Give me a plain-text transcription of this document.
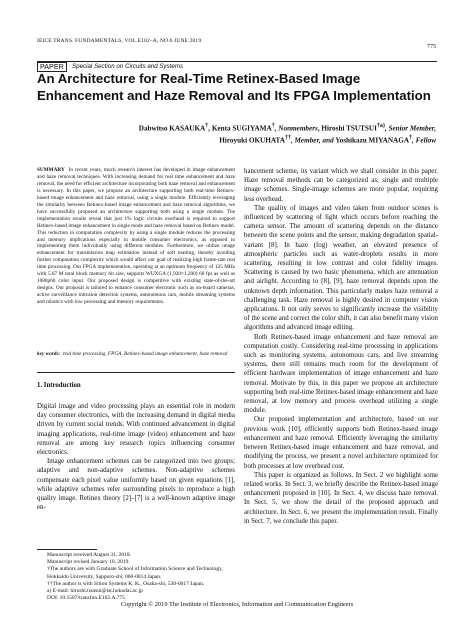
IEICE TRANS. FUNDAMENTALS, VOL.E102–A, NO.6 JUNE 2019
775
PAPER	Special Section on Circuits and Systems
An Architecture for Real-Time Retinex-Based Image Enhancement and Haze Removal and Its FPGA Implementation
Dabwitso KASAUKA†, Kenta SUGIYAMA†, Nonmembers, Hiroshi TSUTSUI$^{\dagger a)}$, Senior Member,
Hiroyuki OKUHATA††, Member, and Yoshikazu MIYANAGA†, Fellow
SUMMARY In recent years, much research interest has developed in image enhancement and haze removal techniques. With increasing demand for real time enhancement and haze removal, the need for efficient architecture incorporating both haze removal and enhancement is necessary. In this paper, we propose an architecture supporting both real-time Retinex-based image enhancement and haze removal, using a single module. Efficiently leveraging the similarity between Retinex-based image enhancement and haze removal algorithms, we have successfully proposed an architecture supporting both using a single module. The implementation results reveal that just 1% logic circuits overhead is required to support Retinex-based image enhancement in single mode and haze removal based on Retinex model. This reduction in computation complexity by using a single module reduces the processing and memory implications especially in mobile consumer electronics, as opposed to implementing them individually using different modules. Furthermore, we utilize image enhancement for transmission map estimation instead of soft matting, thereby avoiding further computation complexity which would affect our goal of realizing high frame-rate real time processing. Our FPGA implementation, operating at an optimum frequency of 125 MHz with 5.67 M total block memory bit size, supports WUXGA (1,920×1,200) 60 fps as well as 1080p60 color input. Our proposed design is competitive with existing state-of-the-art designs. Our proposal is tailored to enhance consumer electronic such as on-board cameras, active surveillance intrusion detection systems, autonomous cars, mobile streaming systems and robotics with low processing and memory requirements.
key words: real time processing, FPGA, Retinex-based image enhancement, haze removal
1. Introduction

Digital image and video processing plays an essential role in modern day consumer electronics, with the increasing demand in digital media driven by current social trends. With continued advancement in digital imaging applications, real-time image (video) enhancement and haze removal are among key research topics influencing consumer electronics.

Image enhancement schemes can be categorized into two groups; adaptive and non-adaptive schemes. Non-adaptive schemes compensate each pixel value uniformly based on given equations [1], while adaptive schemes refer surrounding pixels to reproduce a high quality image. Retinex theory [2]–[7] is a well-known adaptive image en-

Manuscript received August 31, 2018.

Manuscript revised January 10, 2019.

†The authors are with Graduate School of Information Science and Technology, Hokkaido University, Sapporo-shi, 060-0814 Japan.

††The author is with Sition Systems K. K., Osaka-shi, 530-0017 Japan.

a) E-mail: hiroshi.tsutsui@ist.hokudai.ac.jp

DOI: 10.1587/transfun.E102.A.775

hancement scheme, its variant which we shall consider in this paper. Haze removal methods can be categorized as; single and multiple image schemes. Single-image schemes are more popular, requiring less overhead.

The quality of images and video taken from outdoor scenes is influenced by scattering of light which occurs before reaching the camera sensor. The amount of scattering depends on the distance between the scene points and the sensor, making degradation spatial-variant [8]. In haze (fog) weather, an elevated presence of atmospheric particles such as water-droplets results in more scattering, resulting in low contrast and color fidelity images. Scattering is caused by two basic phenomena, which are attenuation and airlight. According to [8], [9], haze removal depends upon the unknown depth information. This particularly makes haze removal a challenging task. Haze removal is highly desired in computer vision applications. It not only serves to significantly increase the visibility of the scene and correct the color shift, it can also benefit many vision algorithms and advanced image editing.

Both Retinex-based image enhancement and haze removal are computation costly. Considering real-time processing in applications such as monitoring systems, autonomous cars, and live streaming systems, there still remains much room for the development of efficient hardware implementation of image enhancement and haze removal. Motivate by this, in this paper we propose an architecture supporting both real-time Retinex-based image enhancement and haze removal, at low memory and process overhead utilizing a single module.

Our proposed implementation and architecture, based on our previous work [10], efficiently supports both Retinex-based image enhancement and haze removal. Efficiently leveraging the similarity between Retinex-based image enhancement and haze removal, and modifying the process, we present a novel architecture optimized for both processes at low overhead cost.

This paper is organized as follows. In Sect. 2 we highlight some related works. In Sect. 3, we briefly describe the Retinex-based image enhancement proposed in [10]. In Sect. 4, we discuss haze removal. In Sect. 5, we show the detail of the proposed approach and architecture. In Sect. 6, we present the implementation result. Finally in Sect. 7, we conclude this paper.

Copyright © 2019 The Institute of Electronics, Information and Communication Engineers
